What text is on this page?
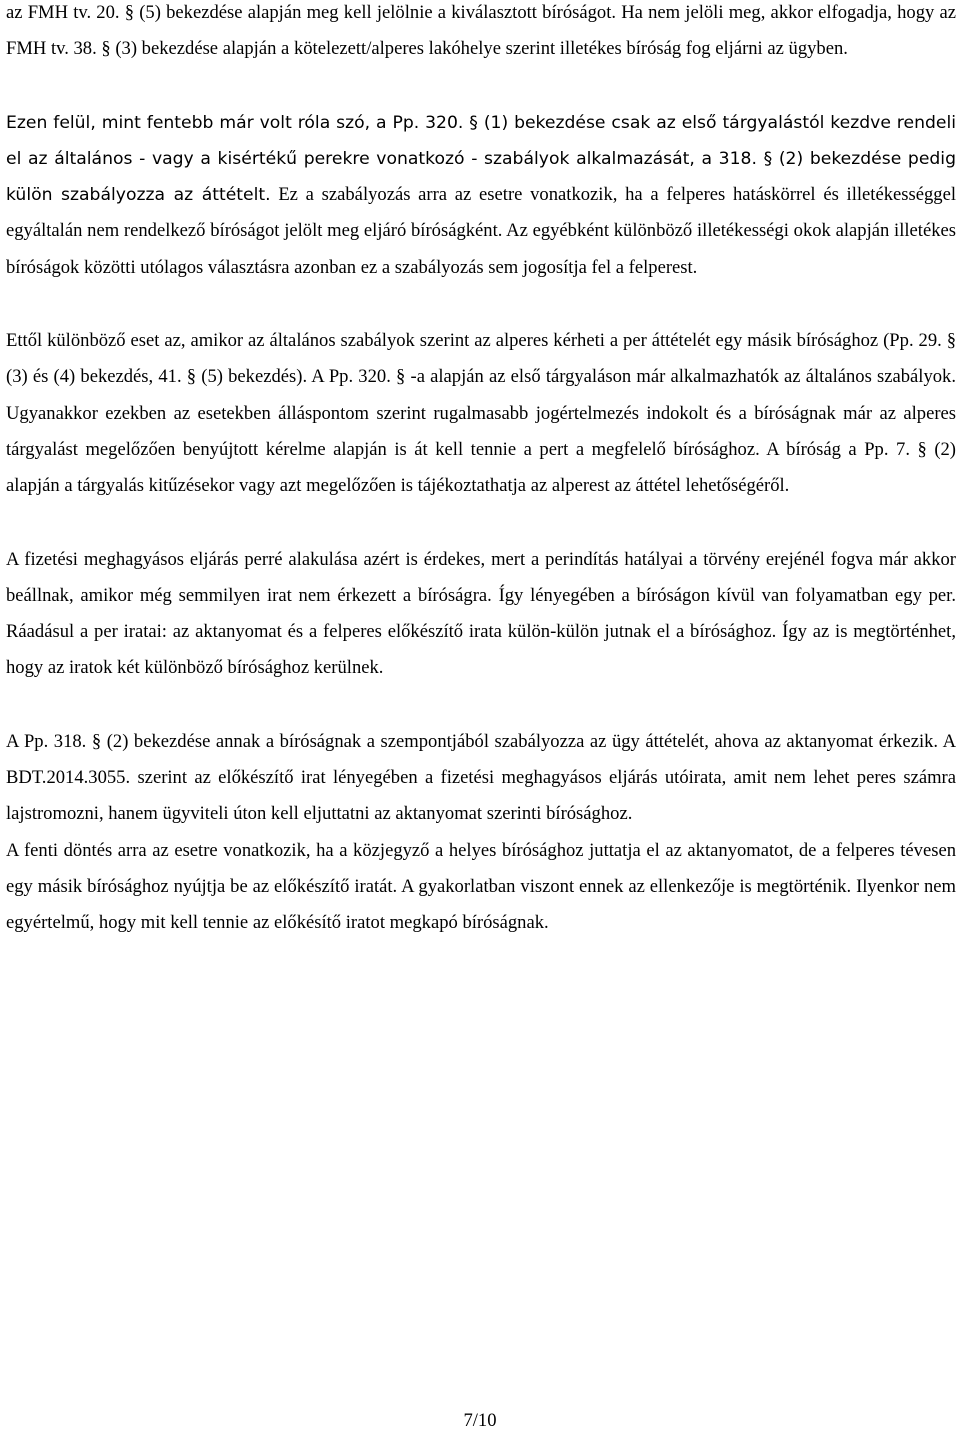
az FMH tv. 20. § (5) bekezdése alapján meg kell jelölnie a kiválasztott bíróságot. Ha nem jelöli meg, akkor elfogadja, hogy az FMH tv. 38. § (3) bekezdése alapján a kötelezett/alperes lakóhelye szerint illetékes bíróság fog eljárni az ügyben.

Ezen felül, mint fentebb már volt róla szó, a Pp. 320. § (1) bekezdése csak az első tárgyalástól kezdve rendeli el az általános - vagy a kisértékű perekre vonatkozó - szabályok alkalmazását, a 318. § (2) bekezdése pedig külön szabályozza az áttételt. Ez a szabályozás arra az esetre vonatkozik, ha a felperes hatáskörrel és illetékességgel egyáltalán nem rendelkező bíróságot jelölt meg eljáró bíróságként. Az egyébként különböző illetékességi okok alapján illetékes bíróságok közötti utólagos választásra azonban ez a szabályozás sem jogosítja fel a felperest.

Ettől különböző eset az, amikor az általános szabályok szerint az alperes kérheti a per áttételét egy másik bírósághoz (Pp. 29. § (3) és (4) bekezdés, 41. § (5) bekezdés). A Pp. 320. § -a alapján az első tárgyaláson már alkalmazhatók az általános szabályok. Ugyanakkor ezekben az esetekben álláspontom szerint rugalmasabb jogértelmezés indokolt és a bíróságnak már az alperes tárgyalást megelőzően benyújtott kérelme alapján is át kell tennie a pert a megfelelő bírósághoz. A bíróság a Pp. 7. § (2) alapján a tárgyalás kitűzésekor vagy azt megelőzően is tájékoztathatja az alperest az áttétel lehetőségéről.

A fizetési meghagyásos eljárás perré alakulása azért is érdekes, mert a perindítás hatályai a törvény erejénél fogva már akkor beállnak, amikor még semmilyen irat nem érkezett a bíróságra. Így lényegében a bíróságon kívül van folyamatban egy per. Ráadásul a per iratai: az aktanyomat és a felperes előkészítő irata külön-külön jutnak el a bírósághoz. Így az is megtörténhet, hogy az iratok két különböző bírósághoz kerülnek.

A Pp. 318. § (2) bekezdése annak a bíróságnak a szempontjából szabályozza az ügy áttételét, ahova az aktanyomat érkezik. A BDT.2014.3055. szerint az előkészítő irat lényegében a fizetési meghagyásos eljárás utóirata, amit nem lehet peres számra lajstromozni, hanem ügyviteli úton kell eljuttatni az aktanyomat szerinti bírósághoz.

A fenti döntés arra az esetre vonatkozik, ha a közjegyző a helyes bírósághoz juttatja el az aktanyomatot, de a felperes tévesen egy másik bírósághoz nyújtja be az előkészítő iratát. A gyakorlatban viszont ennek az ellenkezője is megtörténik. Ilyenkor nem egyértelmű, hogy mit kell tennie az előkésítő iratot megkapó bíróságnak.

7/10
